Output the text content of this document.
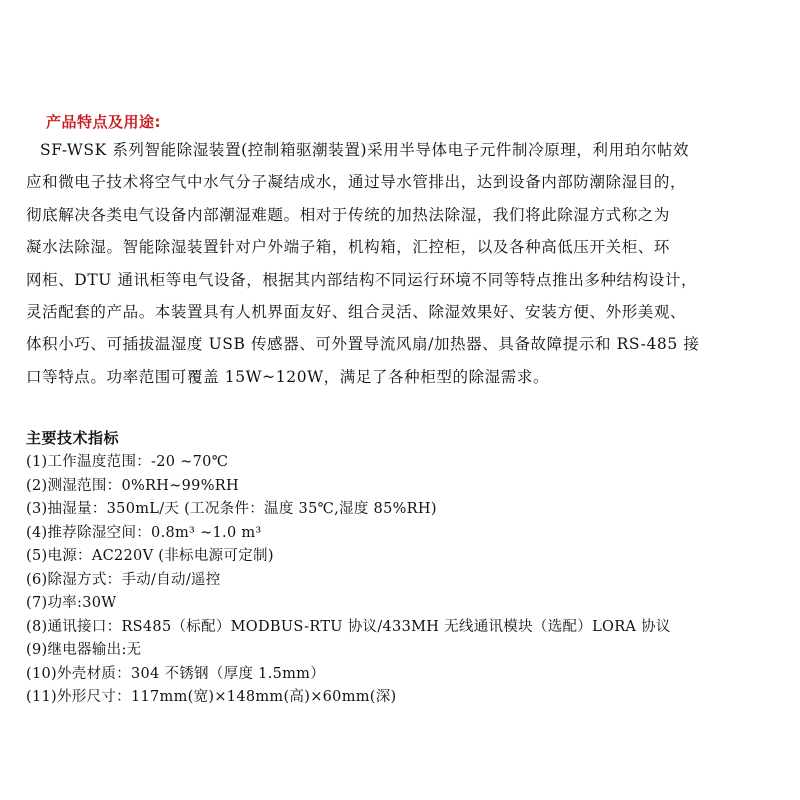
产品特点及用途:
SF-WSK 系列智能除湿装置(控制箱驱潮装置)采用半导体电子元件制冷原理，利用珀尔帖效
应和微电子技术将空气中水气分子凝结成水，通过导水管排出，达到设备内部防潮除湿目的，
彻底解决各类电气设备内部潮湿难题。相对于传统的加热法除湿，我们将此除湿方式称之为
凝水法除湿。智能除湿装置针对户外端子箱，机构箱，汇控柜，以及各种高低压开关柜、环
网柜、DTU 通讯柜等电气设备，根据其内部结构不同运行环境不同等特点推出多种结构设计，
灵活配套的产品。本装置具有人机界面友好、组合灵活、除湿效果好、安装方便、外形美观、
体积小巧、可插拔温湿度 USB 传感器、可外置导流风扇/加热器、具备故障提示和 RS-485 接
口等特点。功率范围可覆盖 15W~120W，满足了各种柜型的除湿需求。
主要技术指标
(1)工作温度范围：-20 ~70℃
(2)测湿范围：0%RH~99%RH
(3)抽湿量：350mL/天 (工况条件：温度 35℃,湿度 85%RH)
(4)推荐除湿空间：0.8m³ ~1.0 m³
(5)电源：AC220V (非标电源可定制)
(6)除湿方式：手动/自动/遥控
(7)功率:30W
(8)通讯接口：RS485（标配）MODBUS-RTU 协议/433MH 无线通讯模块（选配）LORA 协议
(9)继电器输出:无
(10)外壳材质：304 不锈钢（厚度 1.5mm）
(11)外形尺寸：117mm(宽)×148mm(高)×60mm(深)
